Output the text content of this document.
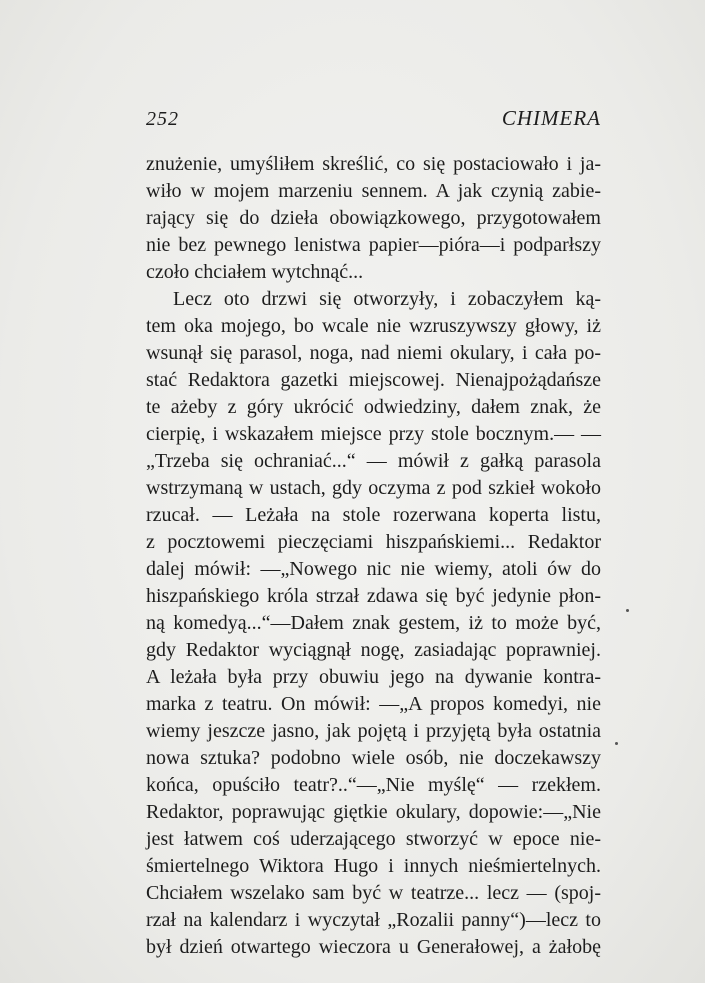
252	CHIMERA
znużenie, umyśliłem skreślić, co się postaciowało i ja-
wiło w mojem marzeniu sennem. A jak czynią zabie-
rający się do dzieła obowiązkowego, przygotowałem
nie bez pewnego lenistwa papier—pióra—i podparłszy
czoło chciałem wytchnąć...
Lecz oto drzwi się otworzyły, i zobaczyłem ką-
tem oka mojego, bo wcale nie wzruszywszy głowy, iż
wsunął się parasol, noga, nad niemi okulary, i cała po-
stać Redaktora gazetki miejscowej. Nienajpożądańsze
te ażeby z góry ukrócić odwiedziny, dałem znak, że
cierpię, i wskazałem miejsce przy stole bocznym.— —
„Trzeba się ochraniać...“ — mówił z gałką parasola
wstrzymaną w ustach, gdy oczyma z pod szkieł wokoło
rzucał. — Leżała na stole rozerwana koperta listu,
z pocztowemi pieczęciami hiszpańskiemi... Redaktor
dalej mówił: —„Nowego nic nie wiemy, atoli ów do
hiszpańskiego króla strzał zdawa się być jedynie płon-
ną komedyą...“—Dałem znak gestem, iż to może być,
gdy Redaktor wyciągnął nogę, zasiadając poprawniej.
A leżała była przy obuwiu jego na dywanie kontra-
marka z teatru. On mówił: —„A propos komedyi, nie
wiemy jeszcze jasno, jak pojętą i przyjętą była ostatnia
nowa sztuka? podobno wiele osób, nie doczekawszy
końca, opuściło teatr?..“—„Nie myślę“ — rzekłem.
Redaktor, poprawując giętkie okulary, dopowie:—„Nie
jest łatwem coś uderzającego stworzyć w epoce nie-
śmiertelnego Wiktora Hugo i innych nieśmiertelnych.
Chciałem wszelako sam być w teatrze... lecz — (spoj-
rzał na kalendarz i wyczytał „Rozalii panny“)—lecz to
był dzień otwartego wieczora u Generałowej, a żałobę
